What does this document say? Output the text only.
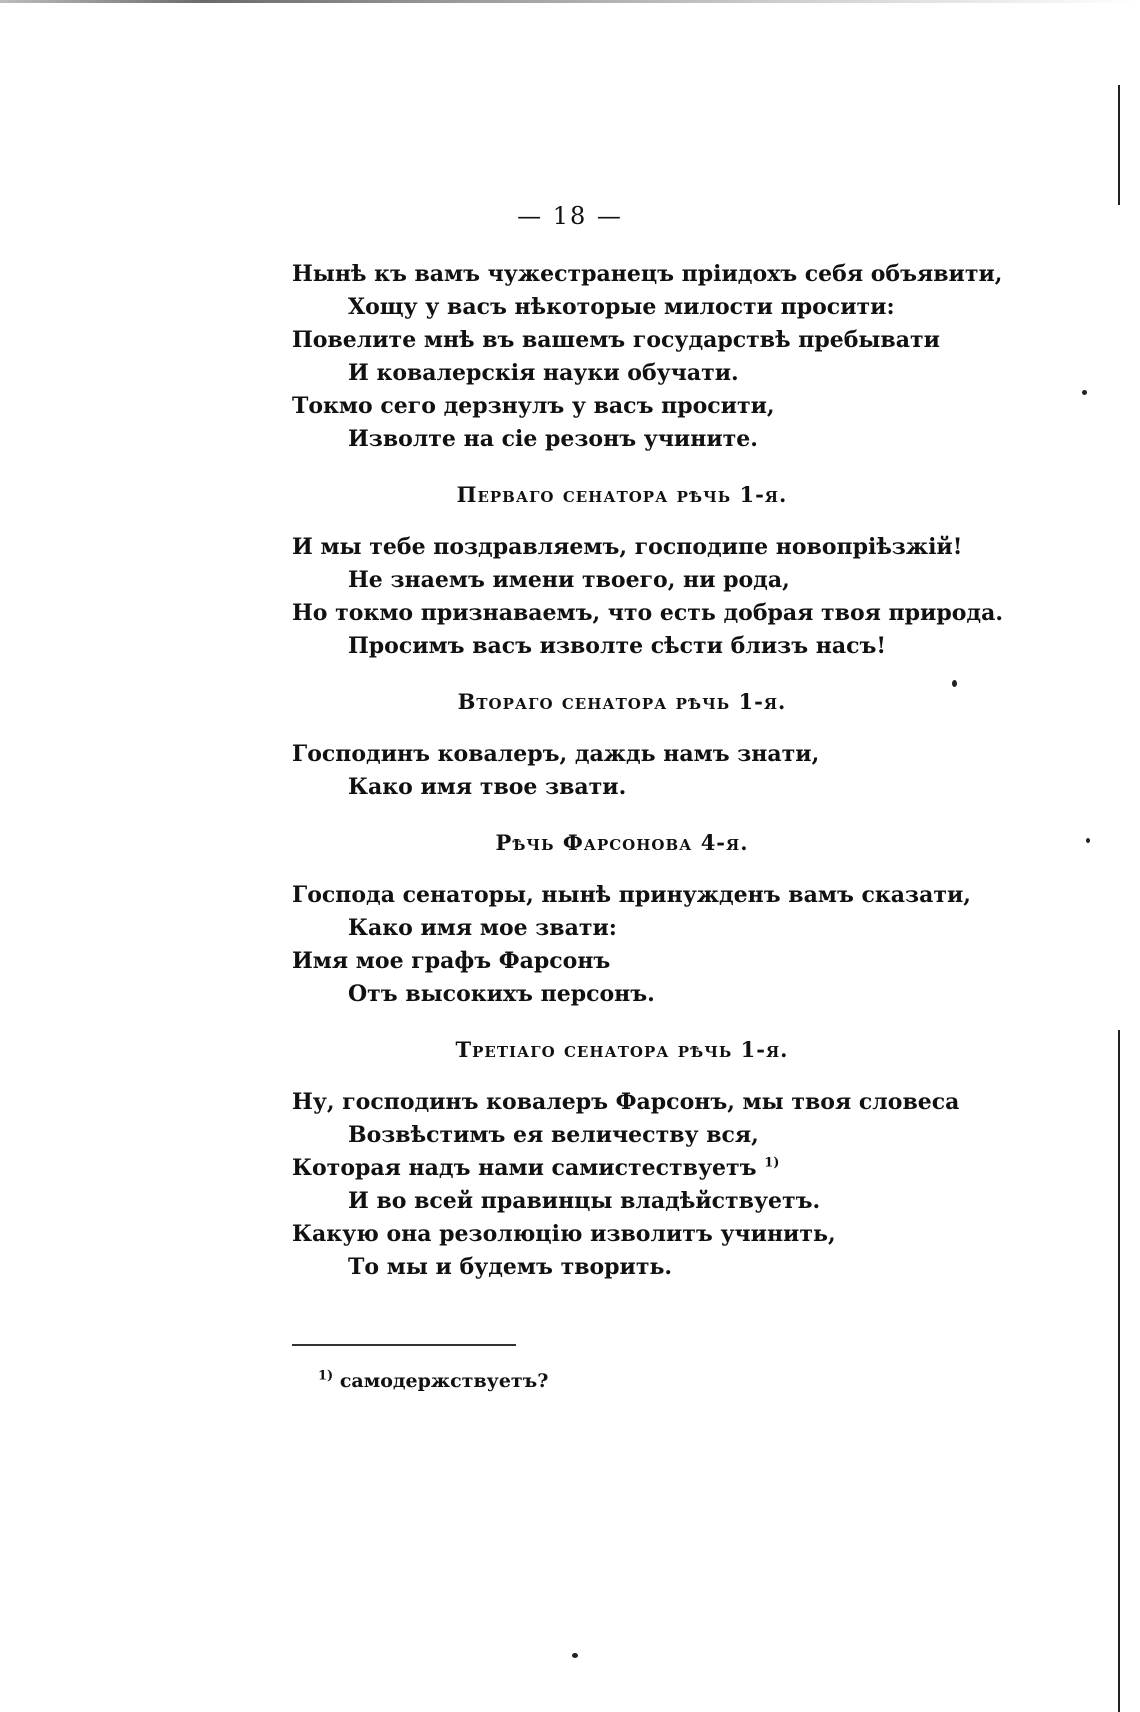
— 18 —
Нынѣ къ вамъ чужестранецъ пріидохъ себя объявити,
Хощу у васъ нѣкоторые милости просити:
Повелите мнѣ въ вашемъ государствѣ пребывати
И ковалерскія науки обучати.
Токмо сего дерзнулъ у васъ просити,
Изволте на сіе резонъ учините.
Перваго сенатора рѣчь 1-я.
И мы тебе поздравляемъ, господипе новопріѣзжій!
Не знаемъ имени твоего, ни рода,
Но токмо признаваемъ, что есть добрая твоя природа.
Просимъ васъ изволте сѣсти близъ насъ!
Втораго сенатора рѣчь 1-я.
Господинъ ковалеръ, даждь намъ знати,
Како имя твое звати.
Рѣчь Фарсонова 4-я.
Господа сенаторы, нынѣ принужденъ вамъ сказати,
Како имя мое звати:
Имя мое графъ Фарсонъ
Отъ высокихъ персонъ.
Третіаго сенатора рѣчь 1-я.
Ну, господинъ ковалеръ Фарсонъ, мы твоя словеса
Возвѣстимъ ея величеству вся,
Которая надъ нами самистествуетъ $^{1)}$
И во всей правинцы владѣйствуетъ.
Какую она резолюцію изволитъ учинить,
То мы и будемъ творить.
$^{1)}$ самодержствуетъ?
